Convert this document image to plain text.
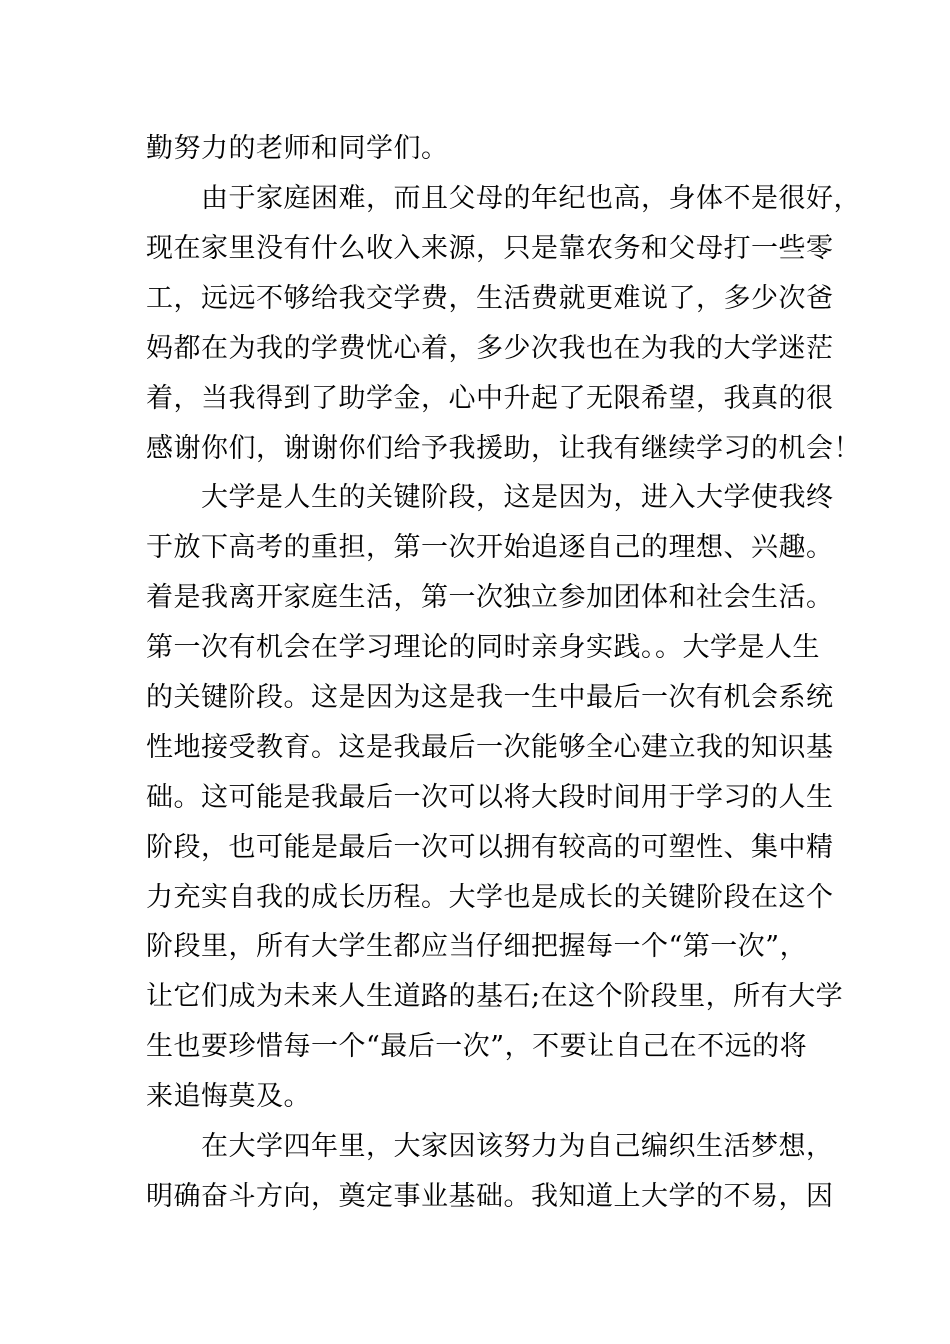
勤努力的老师和同学们。
由于家庭困难，而且父母的年纪也高，身体不是很好，
现在家里没有什么收入来源，只是靠农务和父母打一些零
工，远远不够给我交学费，生活费就更难说了，多少次爸
妈都在为我的学费忧心着，多少次我也在为我的大学迷茫
着，当我得到了助学金，心中升起了无限希望，我真的很
感谢你们，谢谢你们给予我援助，让我有继续学习的机会！
大学是人生的关键阶段，这是因为，进入大学使我终
于放下高考的重担，第一次开始追逐自己的理想、兴趣。
着是我离开家庭生活，第一次独立参加团体和社会生活。
第一次有机会在学习理论的同时亲身实践。。大学是人生
的关键阶段。这是因为这是我一生中最后一次有机会系统
性地接受教育。这是我最后一次能够全心建立我的知识基
础。这可能是我最后一次可以将大段时间用于学习的人生
阶段，也可能是最后一次可以拥有较高的可塑性、集中精
力充实自我的成长历程。大学也是成长的关键阶段在这个
阶段里，所有大学生都应当仔细把握每一个“第一次”，
让它们成为未来人生道路的基石;在这个阶段里，所有大学
生也要珍惜每一个“最后一次”，不要让自己在不远的将
来追悔莫及。
在大学四年里，大家因该努力为自己编织生活梦想，
明确奋斗方向，奠定事业基础。我知道上大学的不易，因
